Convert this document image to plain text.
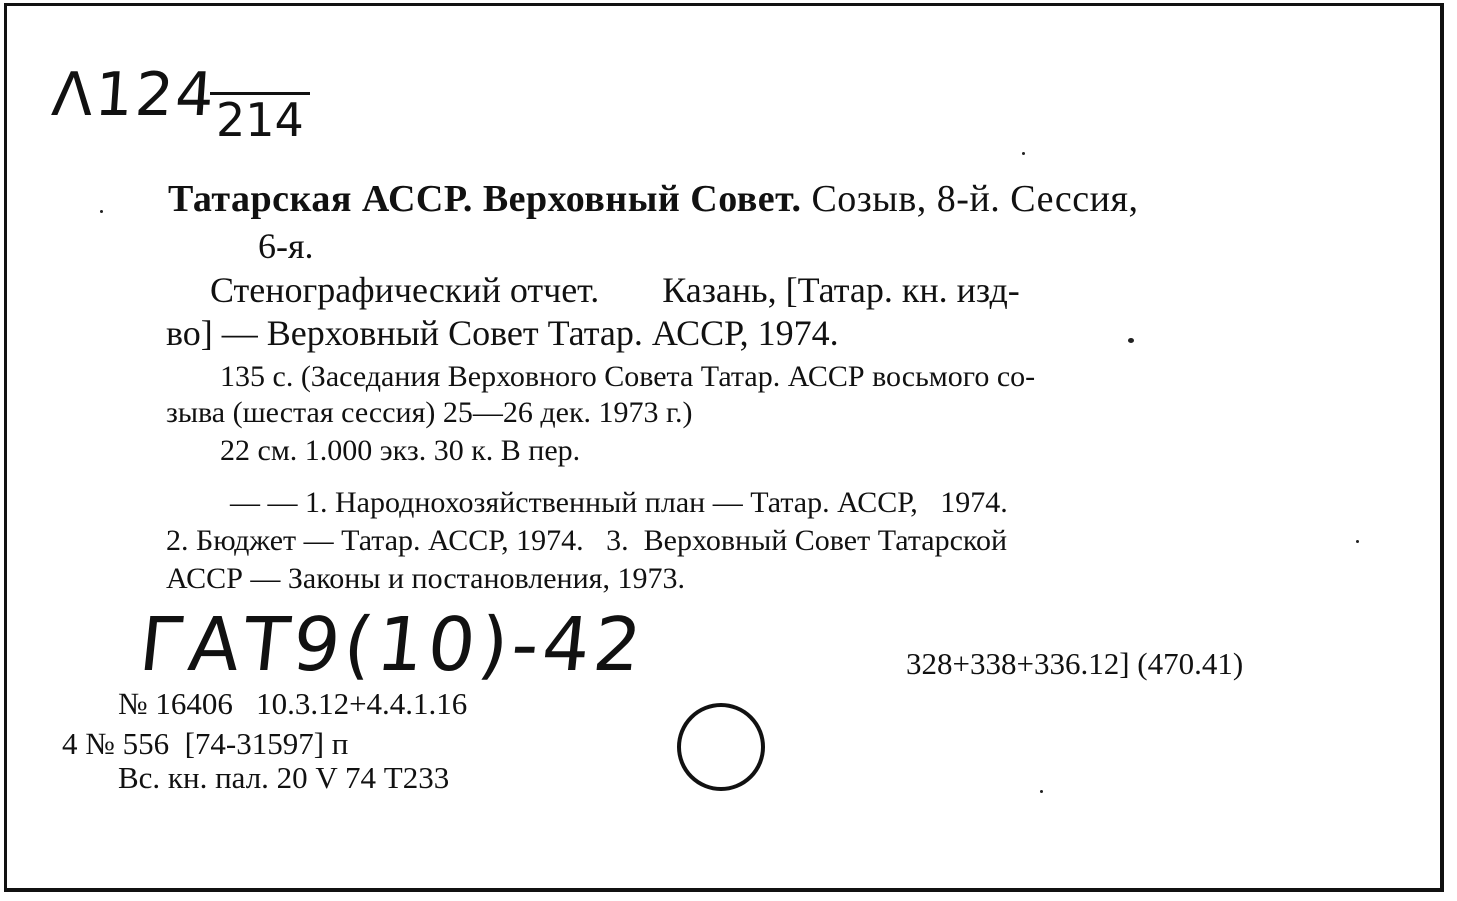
Λ124
214
Татарская АССР. Верховный Совет. Созыв, 8-й. Сессия,
6-я.
Стенографический отчет.       Казань, [Татар. кн. изд-
во] — Верховный Совет Татар. АССР, 1974.
135 с. (Заседания Верховного Совета Татар. АССР восьмого со-
зыва (шестая сессия) 25—26 дек. 1973 г.)
22 см. 1.000 экз. 30 к. В пер.
— — 1. Народнохозяйственный план — Татар. АССР,   1974.
2. Бюджет — Татар. АССР, 1974.   3.  Верховный Совет Татарской
АССР — Законы и постановления, 1973.
ГАТ9(10)-42	328+338+336.12] (470.41)
№ 16406   10.3.12+4.4.1.16
4 № 556  [74-31597] п
Вс. кн. пал. 20 V 74 Т233
